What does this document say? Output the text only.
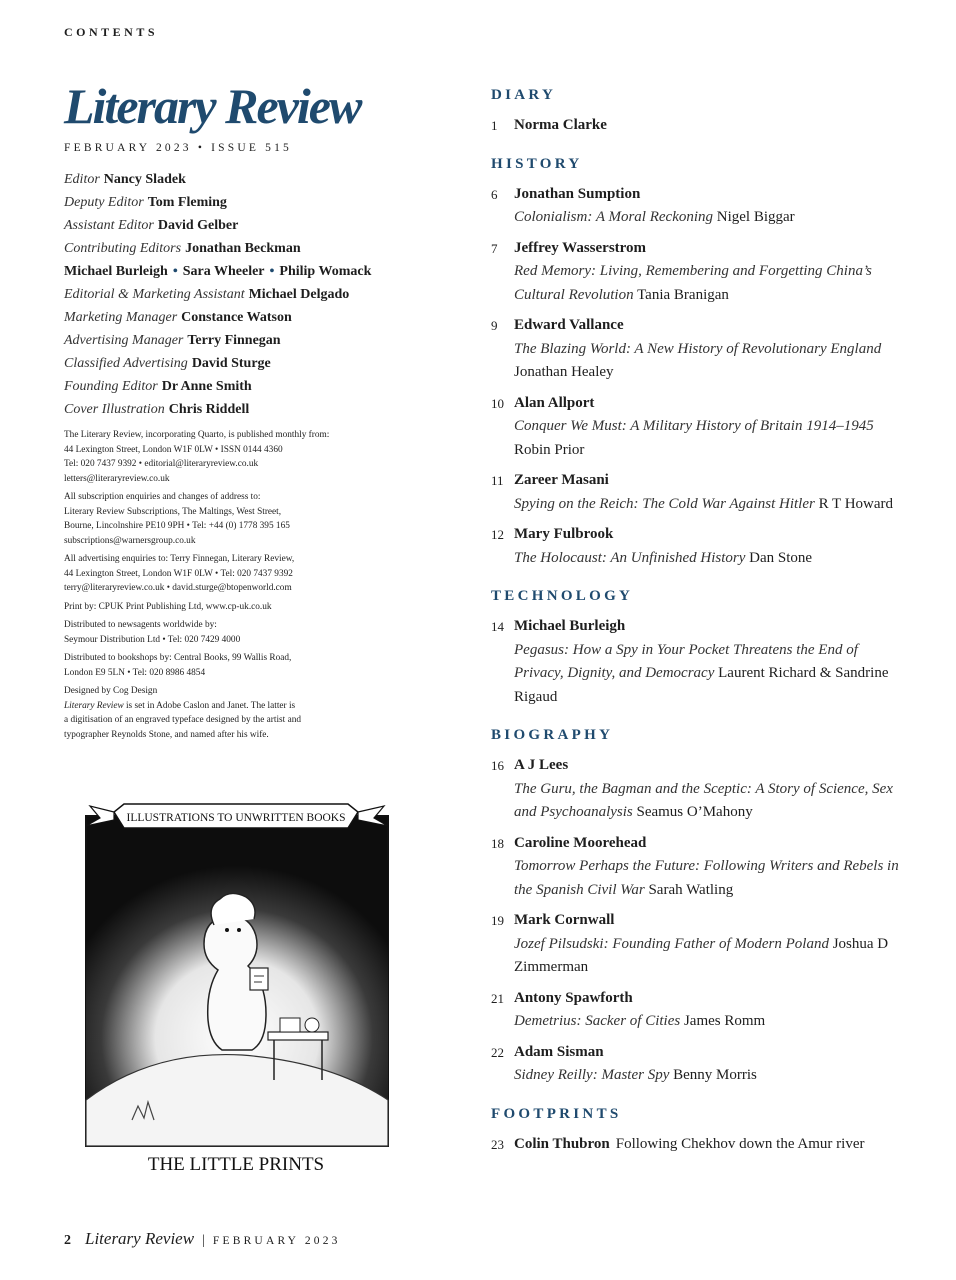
CONTENTS
Literary Review
FEBRUARY 2023 • ISSUE 515
Editor Nancy Sladek
Deputy Editor Tom Fleming
Assistant Editor David Gelber
Contributing Editors Jonathan Beckman
Michael Burleigh • Sara Wheeler • Philip Womack
Editorial & Marketing Assistant Michael Delgado
Marketing Manager Constance Watson
Advertising Manager Terry Finnegan
Classified Advertising David Sturge
Founding Editor Dr Anne Smith
Cover Illustration Chris Riddell

The Literary Review, incorporating Quarto, is published monthly from:
44 Lexington Street, London W1F 0LW • ISSN 0144 4360
Tel: 020 7437 9392 • editorial@literaryreview.co.uk
letters@literaryreview.co.uk

All subscription enquiries and changes of address to:
Literary Review Subscriptions, The Maltings, West Street,
Bourne, Lincolnshire PE10 9PH • Tel: +44 (0) 1778 395 165
subscriptions@warnersgroup.co.uk

All advertising enquiries to: Terry Finnegan, Literary Review,
44 Lexington Street, London W1F 0LW • Tel: 020 7437 9392
terry@literaryreview.co.uk • david.sturge@btopenworld.com

Print by: CPUK Print Publishing Ltd, www.cp-uk.co.uk

Distributed to newsagents worldwide by:
Seymour Distribution Ltd • Tel: 020 7429 4000

Distributed to bookshops by: Central Books, 99 Wallis Road,
London E9 5LN • Tel: 020 8986 4854

Designed by Cog Design
Literary Review is set in Adobe Caslon and Janet. The latter is
a digitisation of an engraved typeface designed by the artist and
typographer Reynolds Stone, and named after his wife.

ILLUSTRATIONS TO UNWRITTEN BOOKS
THE LITTLE PRINTS
2 Literary Review | FEBRUARY 2023
DIARY
1 Norma Clarke
HISTORY
6 Jonathan Sumption
Colonialism: A Moral Reckoning Nigel Biggar
7 Jeffrey Wasserstrom
Red Memory: Living, Remembering and Forgetting China’s Cultural Revolution Tania Branigan
9 Edward Vallance
The Blazing World: A New History of Revolutionary England Jonathan Healey
10 Alan Allport
Conquer We Must: A Military History of Britain 1914–1945 Robin Prior
11 Zareer Masani
Spying on the Reich: The Cold War Against Hitler R T Howard
12 Mary Fulbrook
The Holocaust: An Unfinished History Dan Stone
TECHNOLOGY
14 Michael Burleigh
Pegasus: How a Spy in Your Pocket Threatens the End of Privacy, Dignity, and Democracy Laurent Richard & Sandrine Rigaud
BIOGRAPHY
16 A J Lees
The Guru, the Bagman and the Sceptic: A Story of Science, Sex and Psychoanalysis Seamus O’Mahony
18 Caroline Moorehead
Tomorrow Perhaps the Future: Following Writers and Rebels in the Spanish Civil War Sarah Watling
19 Mark Cornwall
Jozef Pilsudski: Founding Father of Modern Poland Joshua D Zimmerman
21 Antony Spawforth
Demetrius: Sacker of Cities James Romm
22 Adam Sisman
Sidney Reilly: Master Spy Benny Morris
FOOTPRINTS
23 Colin Thubron Following Chekhov down the Amur river
